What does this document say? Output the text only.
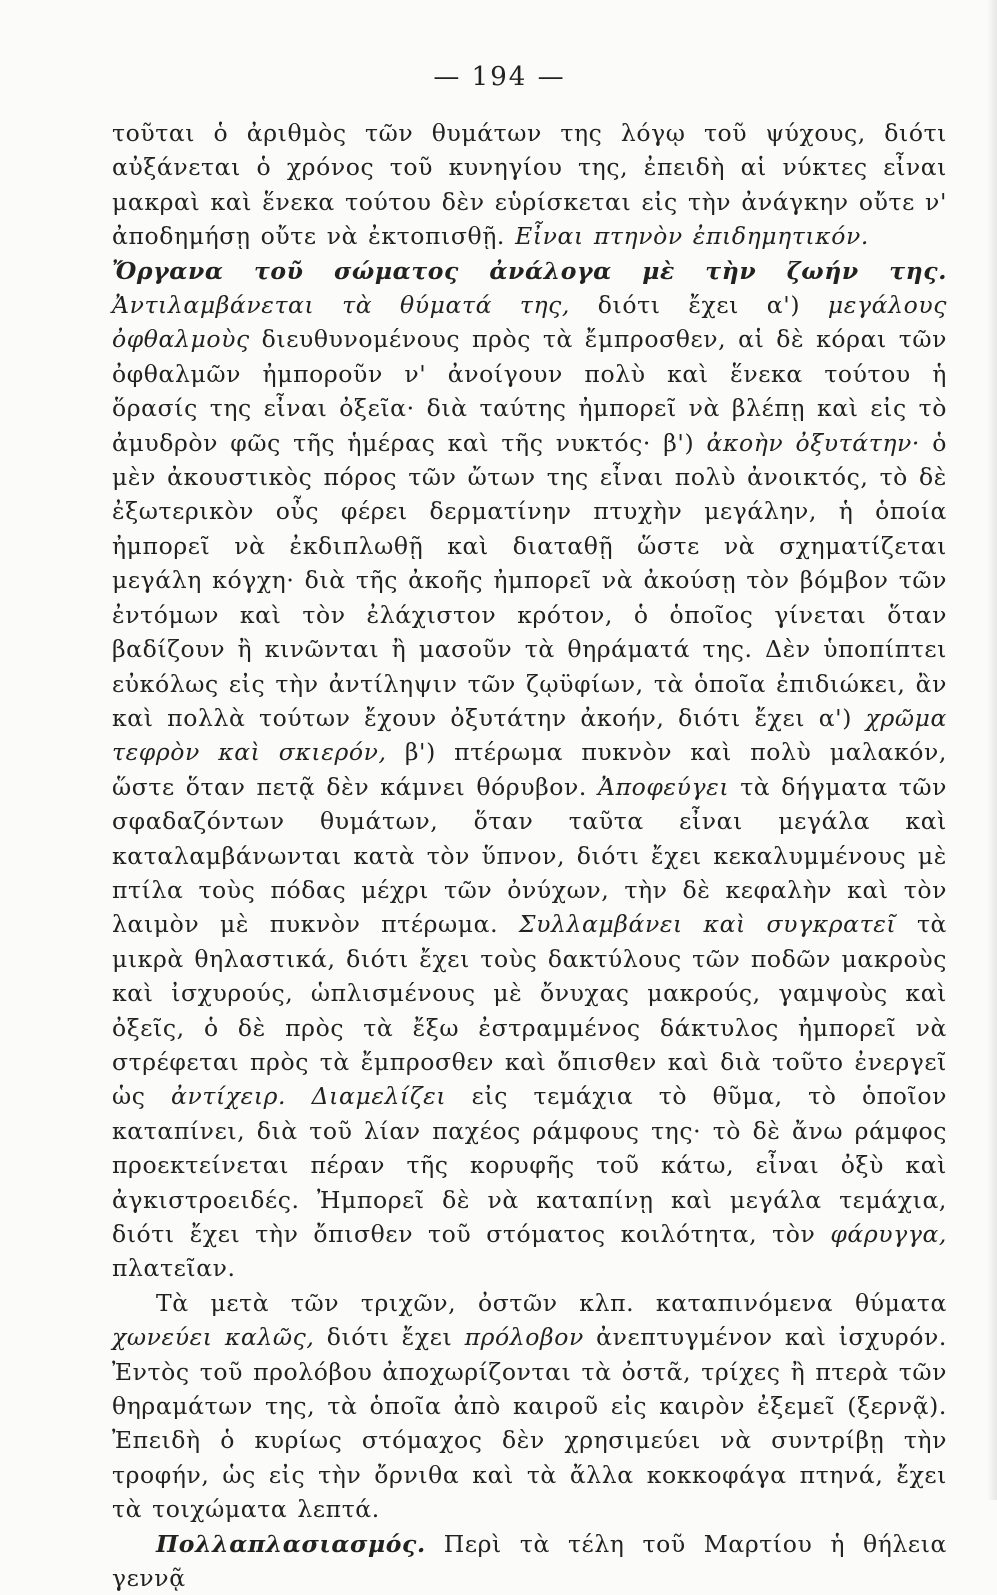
— 194 —

τοῦται ὁ ἀριθμὸς τῶν θυμάτων της λόγῳ τοῦ ψύχους, διότι αὐξάνεται ὁ χρόνος τοῦ κυνηγίου της, ἐπειδὴ αἱ νύκτες εἶναι μακραὶ καὶ ἕνεκα τούτου δὲν εὑρίσκεται εἰς τὴν ἀνάγκην οὔτε ν' ἀποδημήσῃ οὔτε νὰ ἐκτοπισθῇ. Εἶναι πτηνὸν ἐπιδημητικόν.

Ὄργανα τοῦ σώματος ἀνάλογα μὲ τὴν ζωήν της. Ἀντιλαμβάνεται τὰ θύματά της, διότι ἔχει α') μεγάλους ὀφθαλμοὺς διευθυνομένους πρὸς τὰ ἔμπροσθεν, αἱ δὲ κόραι τῶν ὀφθαλμῶν ἠμποροῦν ν' ἀνοίγουν πολὺ καὶ ἕνεκα τούτου ἡ ὅρασίς της εἶναι ὀξεῖα· διὰ ταύτης ἠμπορεῖ νὰ βλέπῃ καὶ εἰς τὸ ἀμυδρὸν φῶς τῆς ἡμέρας καὶ τῆς νυκτός· β') ἀκοὴν ὀξυτάτην· ὁ μὲν ἀκουστικὸς πόρος τῶν ὤτων της εἶναι πολὺ ἀνοικτός, τὸ δὲ ἐξωτερικὸν οὖς φέρει δερματίνην πτυχὴν μεγάλην, ἡ ὁποία ἠμπορεῖ νὰ ἐκδιπλωθῇ καὶ διαταθῇ ὥστε νὰ σχηματίζεται μεγάλη κόγχη· διὰ τῆς ἀκοῆς ἠμπορεῖ νὰ ἀκούσῃ τὸν βόμβον τῶν ἐντόμων καὶ τὸν ἐλάχιστον κρότον, ὁ ὁποῖος γίνεται ὅταν βαδίζουν ἢ κινῶνται ἢ μασοῦν τὰ θηράματά της. Δὲν ὑποπίπτει εὐκόλως εἰς τὴν ἀντίληψιν τῶν ζῳϋφίων, τὰ ὁποῖα ἐπιδιώκει, ἂν καὶ πολλὰ τούτων ἔχουν ὀξυτάτην ἀκοήν, διότι ἔχει α') χρῶμα τεφρὸν καὶ σκιερόν, β') πτέρωμα πυκνὸν καὶ πολὺ μαλακόν, ὥστε ὅταν πετᾷ δὲν κάμνει θόρυβον. Ἀποφεύγει τὰ δήγματα τῶν σφαδαζόντων θυμάτων, ὅταν ταῦτα εἶναι μεγάλα καὶ καταλαμβάνωνται κατὰ τὸν ὕπνον, διότι ἔχει κεκαλυμμένους μὲ πτίλα τοὺς πόδας μέχρι τῶν ὀνύχων, τὴν δὲ κεφαλὴν καὶ τὸν λαιμὸν μὲ πυκνὸν πτέρωμα. Συλλαμβάνει καὶ συγκρατεῖ τὰ μικρὰ θηλαστικά, διότι ἔχει τοὺς δακτύλους τῶν ποδῶν μακροὺς καὶ ἰσχυρούς, ὡπλισμένους μὲ ὄνυχας μακρούς, γαμψοὺς καὶ ὀξεῖς, ὁ δὲ πρὸς τὰ ἔξω ἐστραμμένος δάκτυλος ἠμπορεῖ νὰ στρέφεται πρὸς τὰ ἔμπροσθεν καὶ ὄπισθεν καὶ διὰ τοῦτο ἐνεργεῖ ὡς ἀντίχειρ. Διαμελίζει εἰς τεμάχια τὸ θῦμα, τὸ ὁποῖον καταπίνει, διὰ τοῦ λίαν παχέος ράμφους της· τὸ δὲ ἄνω ράμφος προεκτείνεται πέραν τῆς κορυφῆς τοῦ κάτω, εἶναι ὀξὺ καὶ ἀγκιστροειδές. Ἠμπορεῖ δὲ νὰ καταπίνῃ καὶ μεγάλα τεμάχια, διότι ἔχει τὴν ὄπισθεν τοῦ στόματος κοιλότητα, τὸν φάρυγγα, πλατεῖαν.

Τὰ μετὰ τῶν τριχῶν, ὀστῶν κλπ. καταπινόμενα θύματα χωνεύει καλῶς, διότι ἔχει πρόλοβον ἀνεπτυγμένον καὶ ἰσχυρόν. Ἐντὸς τοῦ προλόβου ἀποχωρίζονται τὰ ὀστᾶ, τρίχες ἢ πτερὰ τῶν θηραμάτων της, τὰ ὁποῖα ἀπὸ καιροῦ εἰς καιρὸν ἐξεμεῖ (ξερνᾷ). Ἐπειδὴ ὁ κυρίως στόμαχος δὲν χρησιμεύει νὰ συντρίβῃ τὴν τροφήν, ὡς εἰς τὴν ὄρνιθα καὶ τὰ ἄλλα κοκκοφάγα πτηνά, ἔχει τὰ τοιχώματα λεπτά.

Πολλαπλασιασμός. Περὶ τὰ τέλη τοῦ Μαρτίου ἡ θήλεια γεννᾷ
